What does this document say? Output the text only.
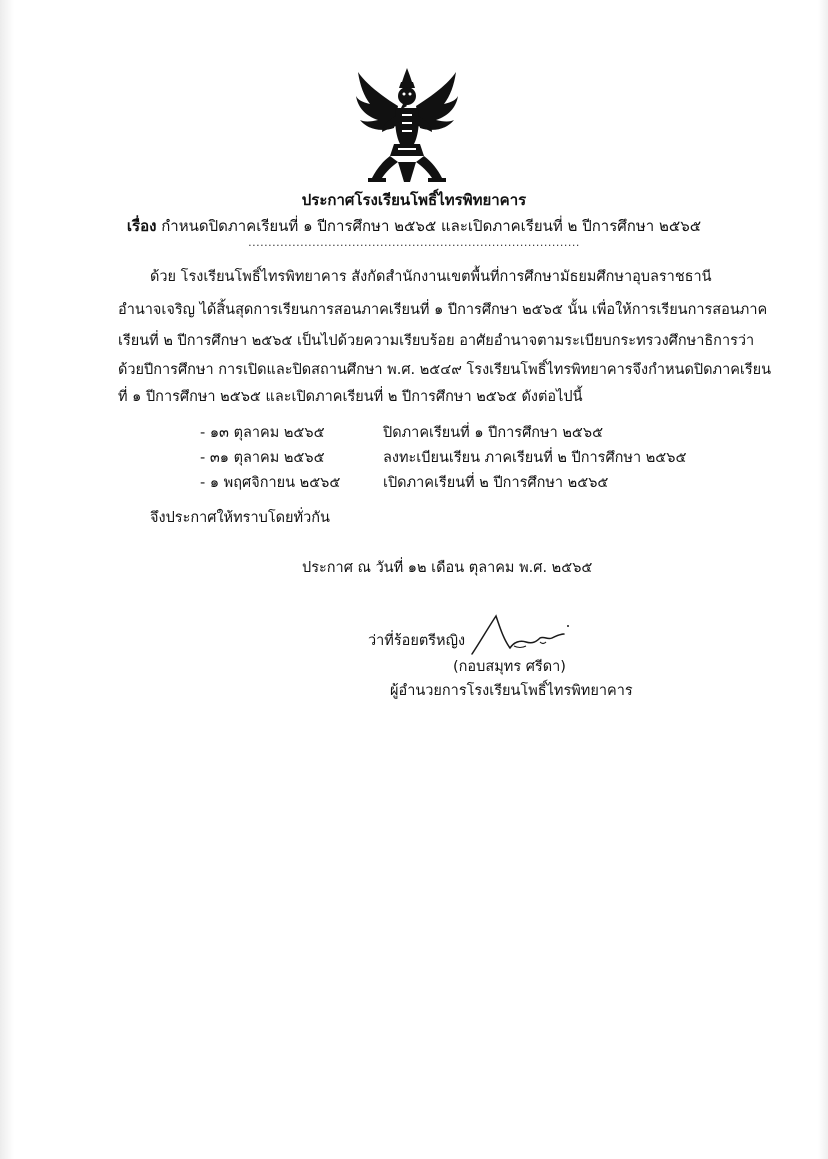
ประกาศโรงเรียนโพธิ์ไทรพิทยาคาร
เรื่อง กำหนดปิดภาคเรียนที่ ๑ ปีการศึกษา ๒๕๖๕ และเปิดภาคเรียนที่ ๒ ปีการศึกษา ๒๕๖๕
...................................................................................
ด้วย โรงเรียนโพธิ์ไทรพิทยาคาร สังกัดสำนักงานเขตพื้นที่การศึกษามัธยมศึกษาอุบลราชธานี
อำนาจเจริญ ได้สิ้นสุดการเรียนการสอนภาคเรียนที่ ๑ ปีการศึกษา ๒๕๖๕ นั้น เพื่อให้การเรียนการสอนภาค
เรียนที่ ๒ ปีการศึกษา ๒๕๖๕ เป็นไปด้วยความเรียบร้อย อาศัยอำนาจตามระเบียบกระทรวงศึกษาธิการว่า
ด้วยปีการศึกษา การเปิดและปิดสถานศึกษา พ.ศ. ๒๕๔๙ โรงเรียนโพธิ์ไทรพิทยาคารจึงกำหนดปิดภาคเรียน
ที่ ๑ ปีการศึกษา ๒๕๖๕ และเปิดภาคเรียนที่ ๒ ปีการศึกษา ๒๕๖๕ ดังต่อไปนี้
- ๑๓ ตุลาคม ๒๕๖๕	ปิดภาคเรียนที่ ๑ ปีการศึกษา ๒๕๖๕
- ๓๑ ตุลาคม ๒๕๖๕	ลงทะเบียนเรียน ภาคเรียนที่ ๒ ปีการศึกษา ๒๕๖๕
- ๑ พฤศจิกายน ๒๕๖๕	เปิดภาคเรียนที่ ๒ ปีการศึกษา ๒๕๖๕
จึงประกาศให้ทราบโดยทั่วกัน
ประกาศ ณ วันที่ ๑๒ เดือน ตุลาคม พ.ศ. ๒๕๖๕
ว่าที่ร้อยตรีหญิง
(กอบสมุทร ศรีดา)
ผู้อำนวยการโรงเรียนโพธิ์ไทรพิทยาคาร
